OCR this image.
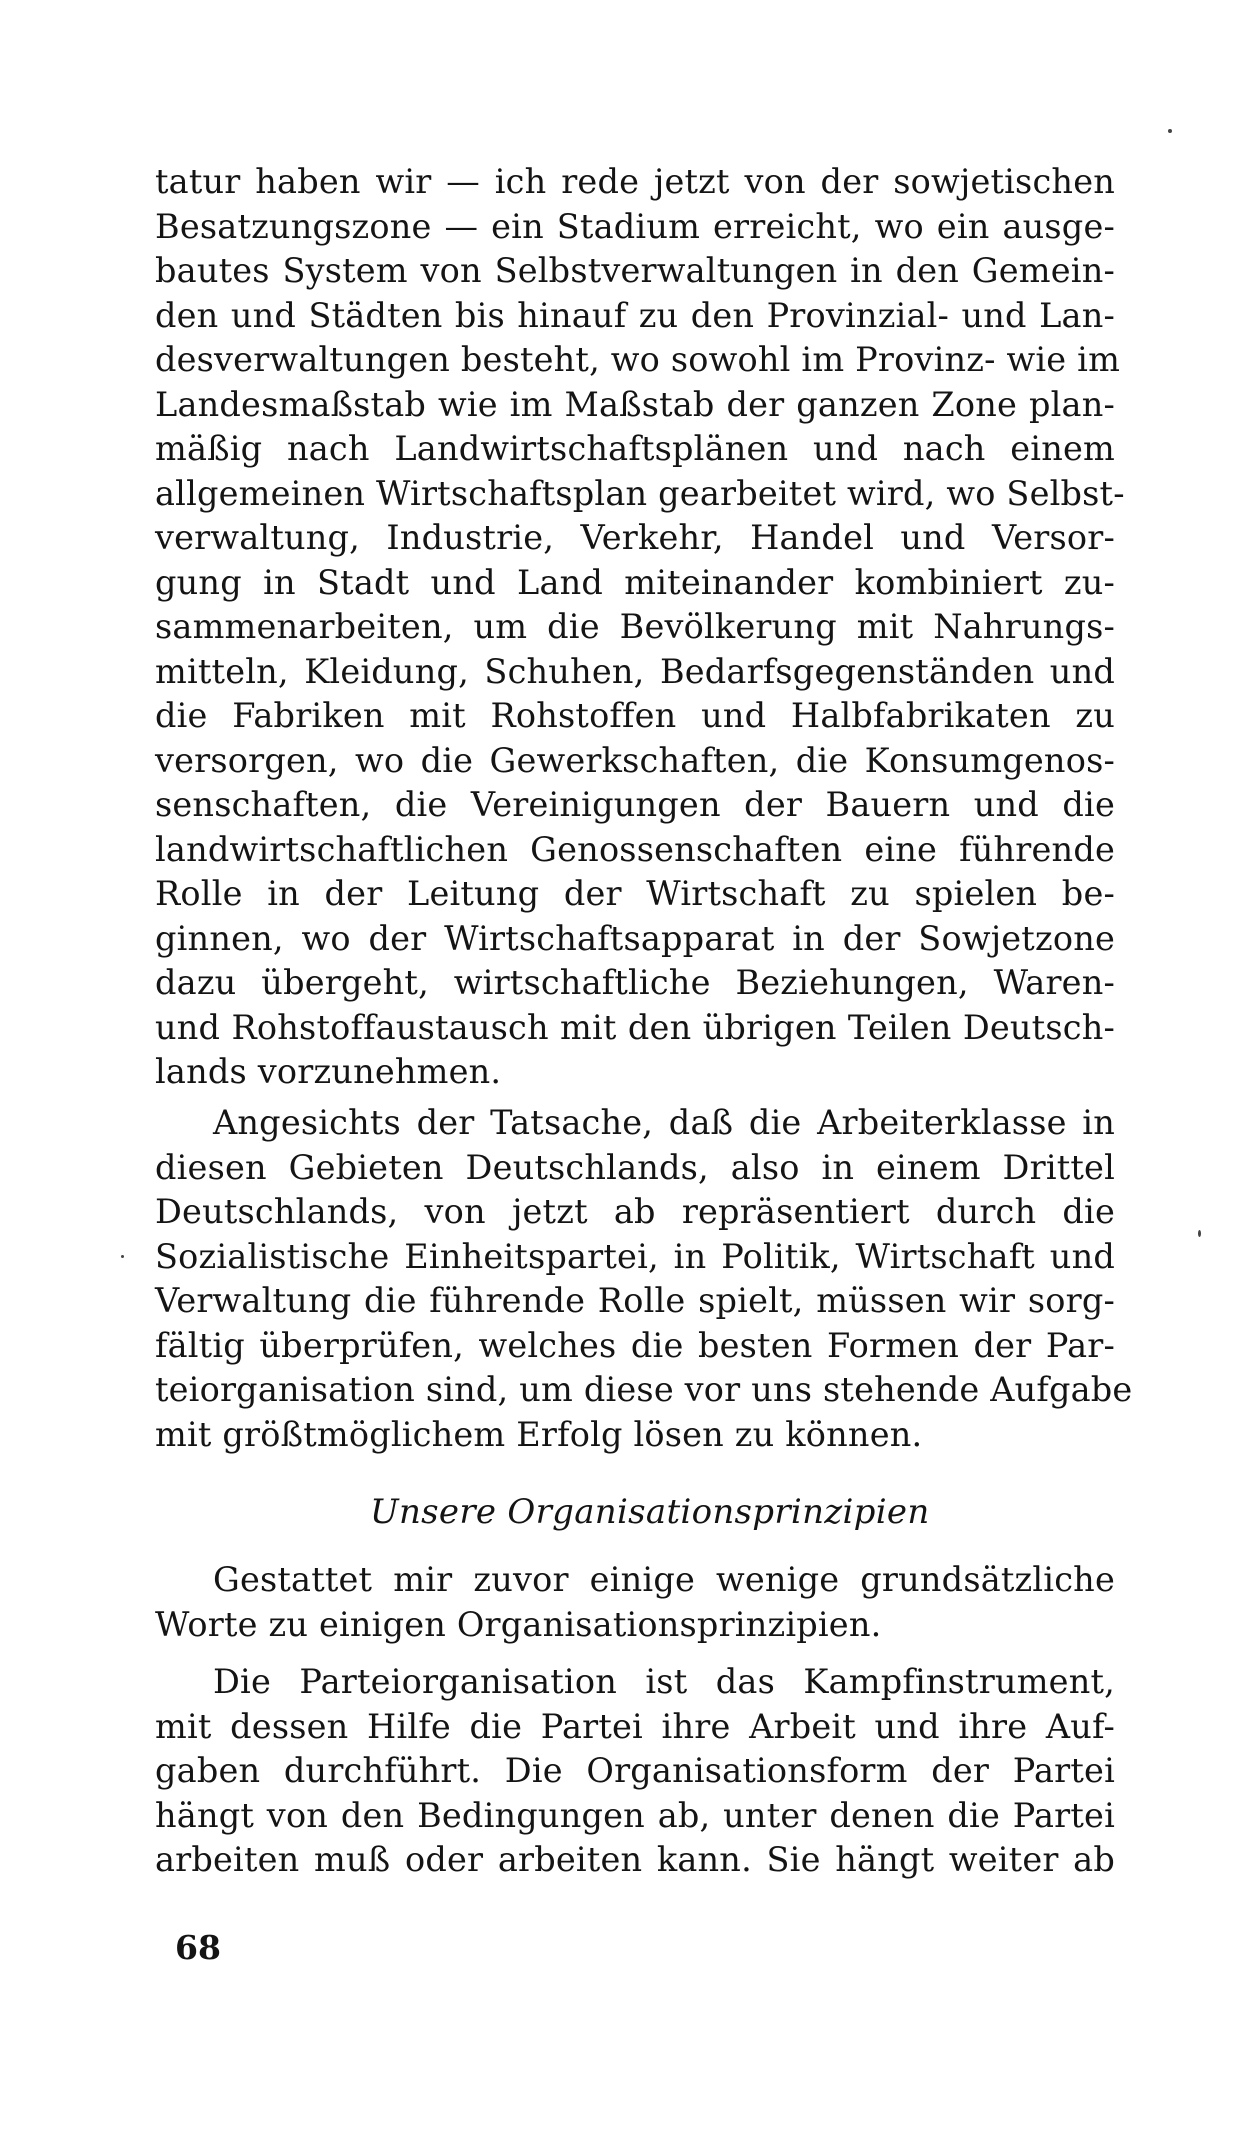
tatur haben wir — ich rede jetzt von der sowjetischen
Besatzungszone — ein Stadium erreicht, wo ein ausge-
bautes System von Selbstverwaltungen in den Gemein-
den und Städten bis hinauf zu den Provinzial- und Lan-
desverwaltungen besteht, wo sowohl im Provinz- wie im
Landesmaßstab wie im Maßstab der ganzen Zone plan-
mäßig nach Landwirtschaftsplänen und nach einem
allgemeinen Wirtschaftsplan gearbeitet wird, wo Selbst-
verwaltung, Industrie, Verkehr, Handel und Versor-
gung in Stadt und Land miteinander kombiniert zu-
sammenarbeiten, um die Bevölkerung mit Nahrungs-
mitteln, Kleidung, Schuhen, Bedarfsgegenständen und
die Fabriken mit Rohstoffen und Halbfabrikaten zu
versorgen, wo die Gewerkschaften, die Konsumgenos-
senschaften, die Vereinigungen der Bauern und die
landwirtschaftlichen Genossenschaften eine führende
Rolle in der Leitung der Wirtschaft zu spielen be-
ginnen, wo der Wirtschaftsapparat in der Sowjetzone
dazu übergeht, wirtschaftliche Beziehungen, Waren-
und Rohstoffaustausch mit den übrigen Teilen Deutsch-
lands vorzunehmen.
Angesichts der Tatsache, daß die Arbeiterklasse in
diesen Gebieten Deutschlands, also in einem Drittel
Deutschlands, von jetzt ab repräsentiert durch die
Sozialistische Einheitspartei, in Politik, Wirtschaft und
Verwaltung die führende Rolle spielt, müssen wir sorg-
fältig überprüfen, welches die besten Formen der Par-
teiorganisation sind, um diese vor uns stehende Aufgabe
mit größtmöglichem Erfolg lösen zu können.
Unsere Organisationsprinzipien
Gestattet mir zuvor einige wenige grundsätzliche
Worte zu einigen Organisationsprinzipien.
Die Parteiorganisation ist das Kampfinstrument,
mit dessen Hilfe die Partei ihre Arbeit und ihre Auf-
gaben durchführt. Die Organisationsform der Partei
hängt von den Bedingungen ab, unter denen die Partei
arbeiten muß oder arbeiten kann. Sie hängt weiter ab
68
